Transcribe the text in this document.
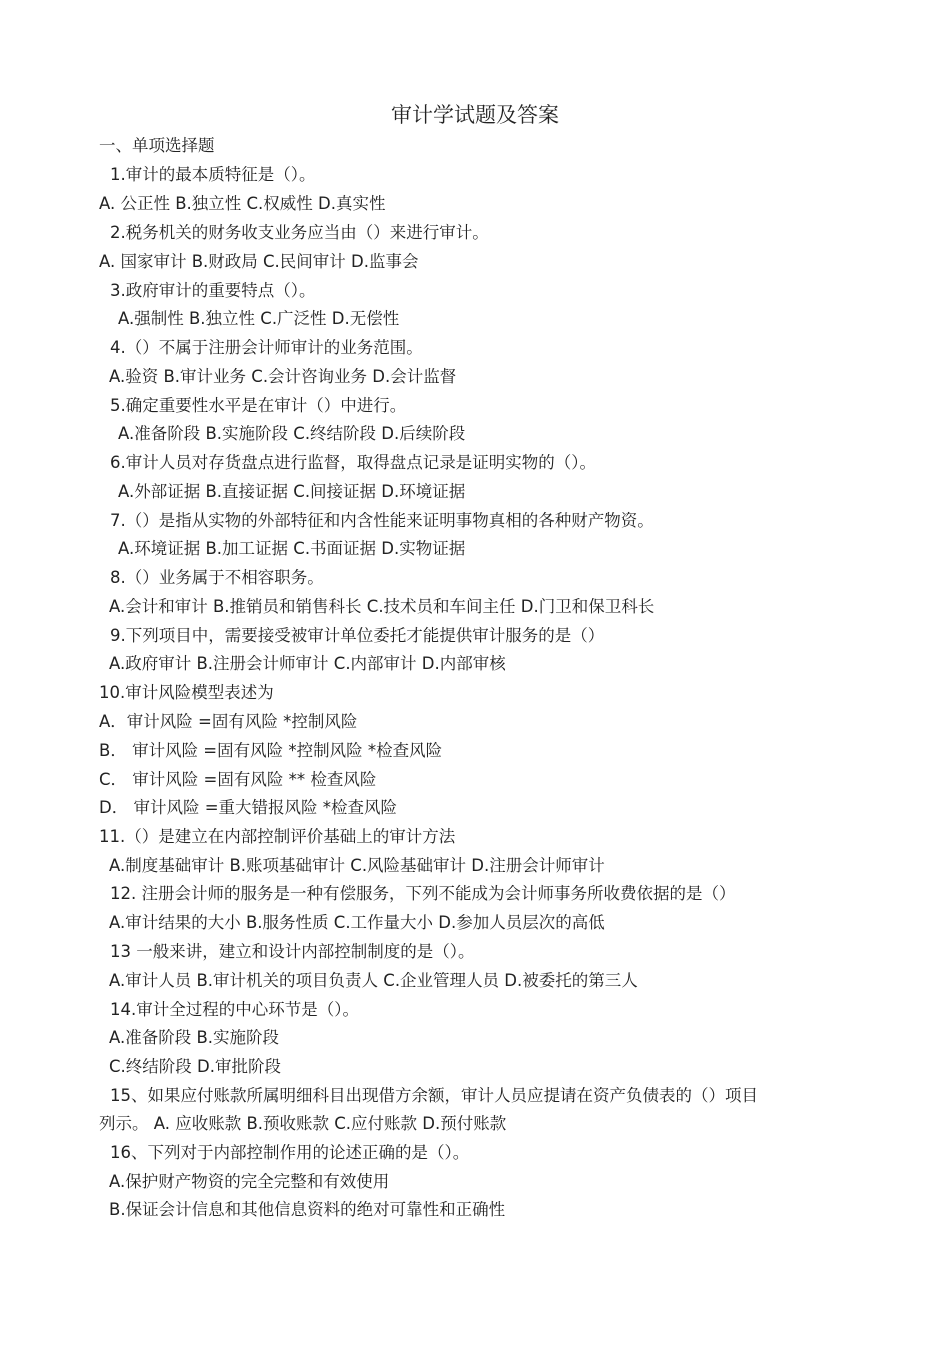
审计学试题及答案
一、单项选择题
1.审计的最本质特征是（）。
A. 公正性 B.独立性 C.权威性 D.真实性
2.税务机关的财务收支业务应当由（）来进行审计。
A. 国家审计 B.财政局 C.民间审计 D.监事会
3.政府审计的重要特点（）。
A.强制性 B.独立性 C.广泛性 D.无偿性
4.（）不属于注册会计师审计的业务范围。
A.验资 B.审计业务 C.会计咨询业务 D.会计监督
5.确定重要性水平是在审计（）中进行。
A.准备阶段 B.实施阶段 C.终结阶段 D.后续阶段
6.审计人员对存货盘点进行监督，取得盘点记录是证明实物的（）。
A.外部证据 B.直接证据 C.间接证据 D.环境证据
7.（）是指从实物的外部特征和内含性能来证明事物真相的各种财产物资。
A.环境证据 B.加工证据 C.书面证据 D.实物证据
8.（）业务属于不相容职务。
A.会计和审计 B.推销员和销售科长 C.技术员和车间主任 D.门卫和保卫科长
9.下列项目中，需要接受被审计单位委托才能提供审计服务的是（）
A.政府审计 B.注册会计师审计 C.内部审计 D.内部审核
10.审计风险模型表述为
A．审计风险 =固有风险 *控制风险
B． 审计风险 =固有风险 *控制风险 *检查风险
C． 审计风险 =固有风险 ** 检查风险
D． 审计风险 =重大错报风险 *检查风险
11.（）是建立在内部控制评价基础上的审计方法
A.制度基础审计 B.账项基础审计 C.风险基础审计 D.注册会计师审计
12. 注册会计师的服务是一种有偿服务，下列不能成为会计师事务所收费依据的是（）
A.审计结果的大小 B.服务性质 C.工作量大小 D.参加人员层次的高低
13 一般来讲，建立和设计内部控制制度的是（）。
A.审计人员 B.审计机关的项目负责人 C.企业管理人员 D.被委托的第三人
14.审计全过程的中心环节是（）。
A.准备阶段 B.实施阶段
C.终结阶段 D.审批阶段
15、如果应付账款所属明细科目出现借方余额，审计人员应提请在资产负债表的（）项目
列示。 A. 应收账款 B.预收账款 C.应付账款 D.预付账款
16、下列对于内部控制作用的论述正确的是（）。
A.保护财产物资的完全完整和有效使用
B.保证会计信息和其他信息资料的绝对可靠性和正确性
